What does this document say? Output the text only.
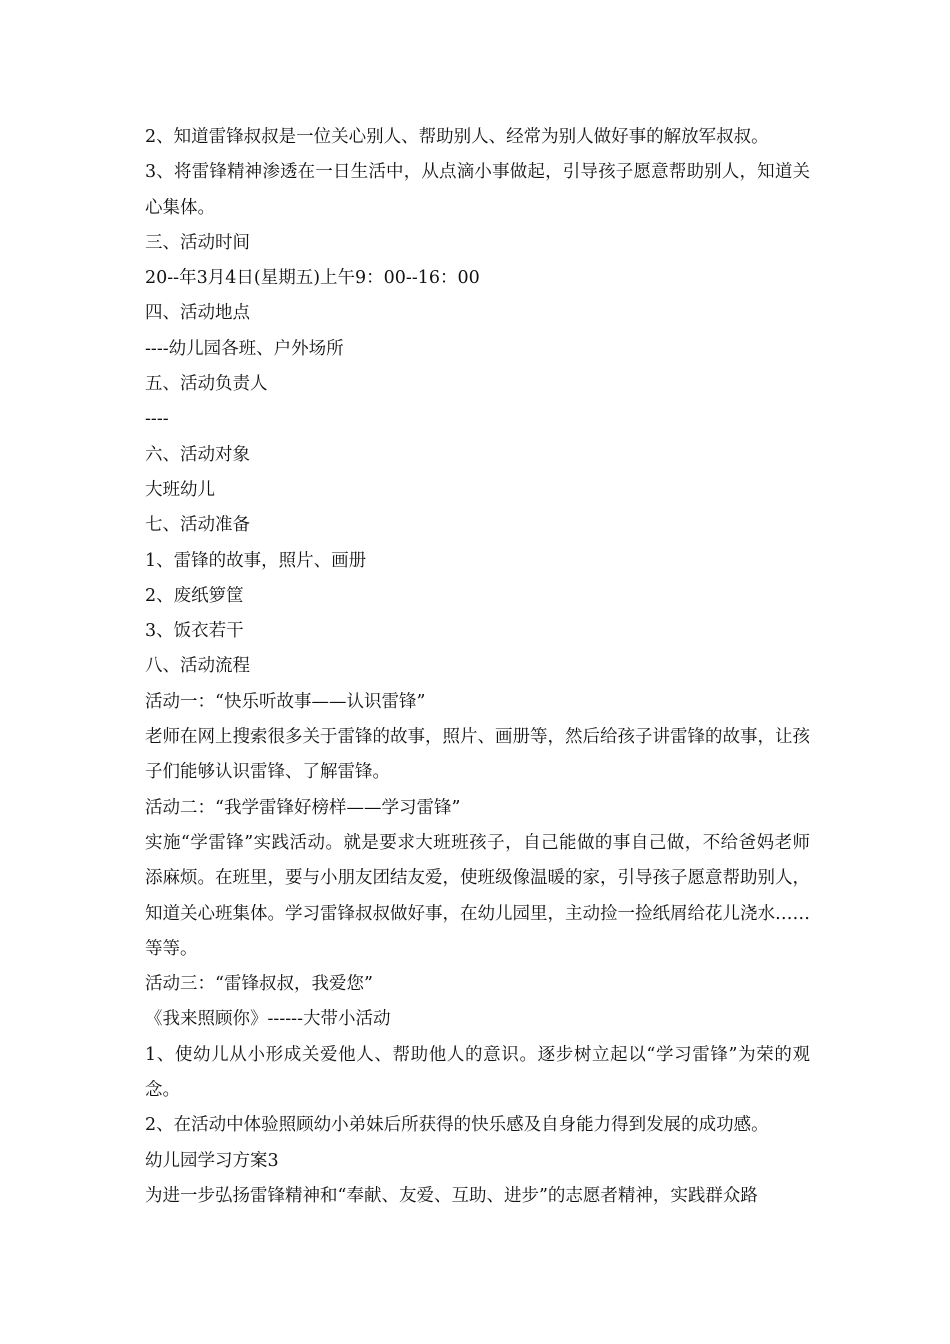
2、知道雷锋叔叔是一位关心别人、帮助别人、经常为别人做好事的解放军叔叔。

3、将雷锋精神渗透在一日生活中，从点滴小事做起，引导孩子愿意帮助别人，知道关心集体。

三、活动时间

20--年3月4日(星期五)上午9：00--16：00

四、活动地点

----幼儿园各班、户外场所

五、活动负责人

----

六、活动对象

大班幼儿

七、活动准备

1、雷锋的故事，照片、画册

2、废纸箩筐

3、饭衣若干

八、活动流程

活动一：“快乐听故事——认识雷锋”

老师在网上搜索很多关于雷锋的故事，照片、画册等，然后给孩子讲雷锋的故事，让孩子们能够认识雷锋、了解雷锋。

活动二：“我学雷锋好榜样——学习雷锋”

实施“学雷锋”实践活动。就是要求大班班孩子，自己能做的事自己做，不给爸妈老师添麻烦。在班里，要与小朋友团结友爱，使班级像温暖的家，引导孩子愿意帮助别人，知道关心班集体。学习雷锋叔叔做好事，在幼儿园里，主动捡一捡纸屑给花儿浇水……等等。

活动三：“雷锋叔叔，我爱您”

《我来照顾你》------大带小活动

1、使幼儿从小形成关爱他人、帮助他人的意识。逐步树立起以“学习雷锋”为荣的观念。

2、在活动中体验照顾幼小弟妹后所获得的快乐感及自身能力得到发展的成功感。

幼儿园学习方案3

为进一步弘扬雷锋精神和“奉献、友爱、互助、进步”的志愿者精神，实践群众路
